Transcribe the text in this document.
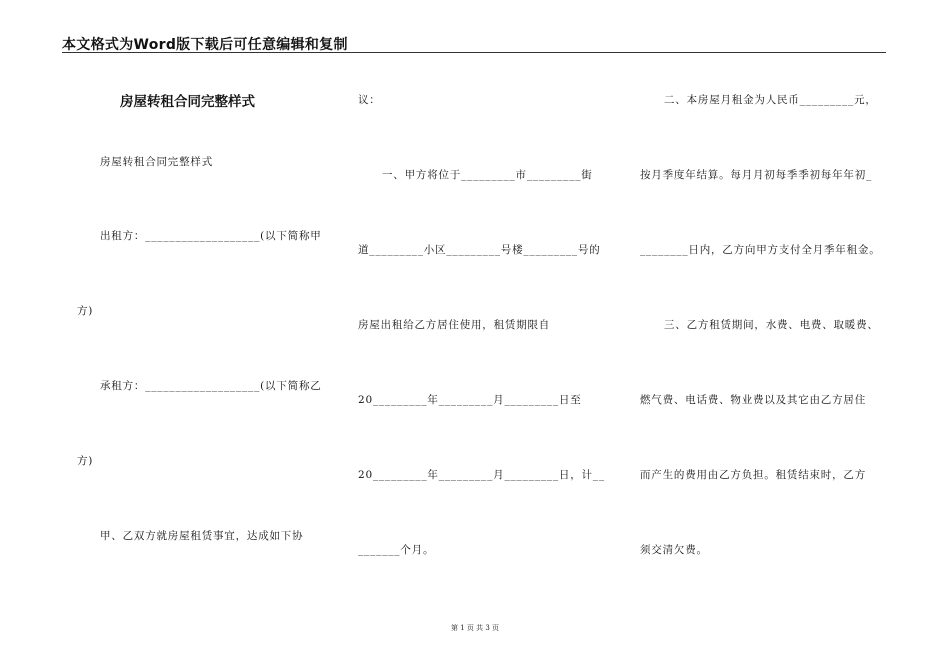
本文格式为Word版下载后可任意编辑和复制
房屋转租合同完整样式
房屋转租合同完整样式
出租方：___________________(以下简称甲
方)
承租方：___________________(以下简称乙
方)
甲、乙双方就房屋租赁事宜，达成如下协
议：
一、甲方将位于_________市_________街
道_________小区_________号楼_________号的
房屋出租给乙方居住使用，租赁期限自
20_________年_________月_________日至
20_________年_________月_________日，计__
_______个月。
二、本房屋月租金为人民币_________元，
按月季度年结算。每月月初每季季初每年年初_
________日内，乙方向甲方支付全月季年租金。
三、乙方租赁期间，水费、电费、取暖费、
燃气费、电话费、物业费以及其它由乙方居住
而产生的费用由乙方负担。租赁结束时，乙方
须交清欠费。
第 1 页 共 3 页
